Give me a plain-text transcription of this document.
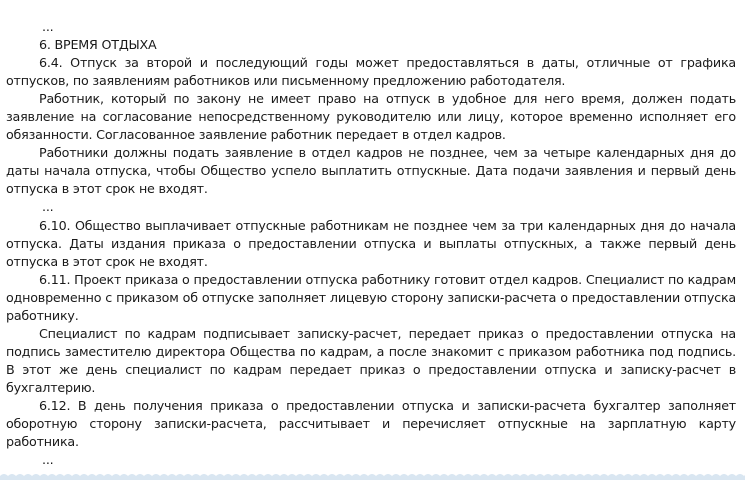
...

6. ВРЕМЯ ОТДЫХА

6.4. Отпуск за второй и последующий годы может предоставляться в даты, отличные от графика отпусков, по заявлениям работников или письменному предложению работодателя.

Работник, который по закону не имеет право на отпуск в удобное для него время, должен подать заявление на согласование непосредственному руководителю или лицу, которое временно исполняет его обязанности. Согласованное заявление работник передает в отдел кадров.

Работники должны подать заявление в отдел кадров не позднее, чем за четыре календарных дня до даты начала отпуска, чтобы Общество успело выплатить отпускные. Дата подачи заявления и первый день отпуска в этот срок не входят.

...

6.10. Общество выплачивает отпускные работникам не позднее чем за три календарных дня до начала отпуска. Даты издания приказа о предоставлении отпуска и выплаты отпускных, а также первый день отпуска в этот срок не входят.

6.11. Проект приказа о предоставлении отпуска работнику готовит отдел кадров. Специалист по кадрам одновременно с приказом об отпуске заполняет лицевую сторону записки-расчета о предоставлении отпуска работнику.

Специалист по кадрам подписывает записку-расчет, передает приказ о предоставлении отпуска на подпись заместителю директора Общества по кадрам, а после знакомит с приказом работника под подпись. В этот же день специалист по кадрам передает приказ о предоставлении отпуска и записку-расчет в бухгалтерию.

6.12. В день получения приказа о предоставлении отпуска и записки-расчета бухгалтер заполняет оборотную сторону записки-расчета, рассчитывает и перечисляет отпускные на зарплатную карту работника.

...
